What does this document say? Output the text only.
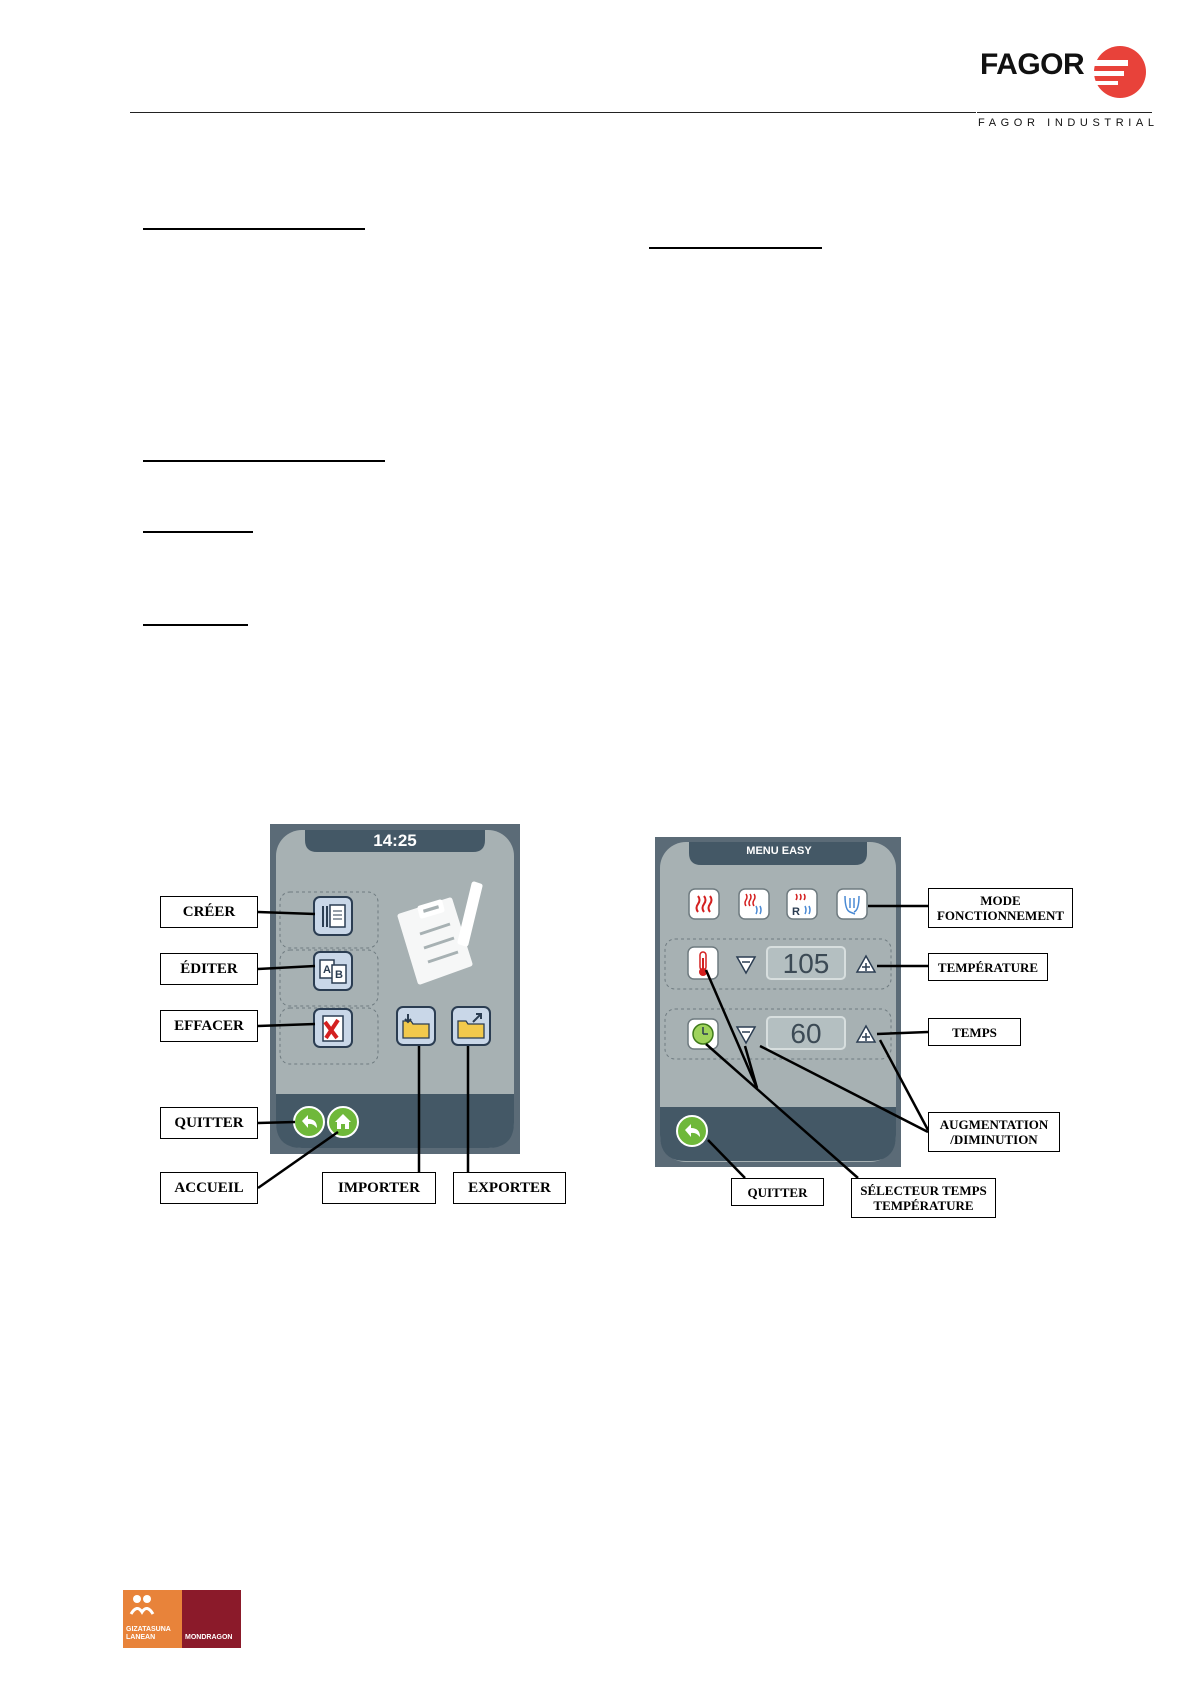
FAGOR
FAGOR INDUSTRIAL
14:25
A B
CRÉER
ÉDITER
EFFACER
QUITTER
ACCUEIL	IMPORTER	EXPORTER
MENU EASY
105
60
R
MODE
FONCTIONNEMENT
TEMPÉRATURE
TEMPS
AUGMENTATION
/DIMINUTION
QUITTER	SÉLECTEUR TEMPS
TEMPÉRATURE
GIZATASUNA
LANEAN	MONDRAGON
